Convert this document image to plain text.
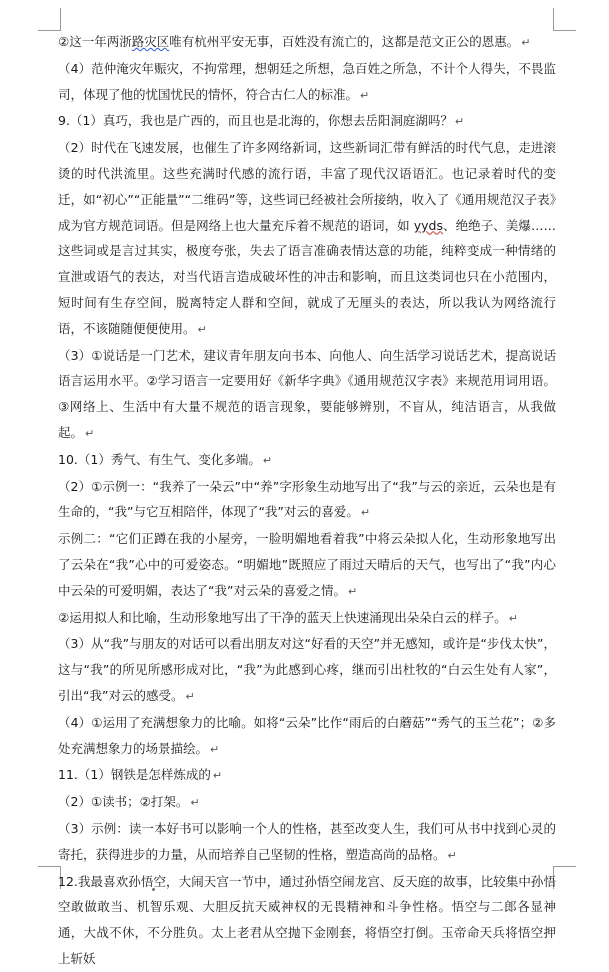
②这一年两浙路灾区唯有杭州平安无事，百姓没有流亡的，这都是范文正公的恩惠。 ↵

（4）范仲淹灾年赈灾，不拘常理，想朝廷之所想，急百姓之所急，不计个人得失，不畏监司，体现了他的忧国忧民的情怀，符合古仁人的标准。 ↵

9.（1）真巧，我也是广西的，而且也是北海的，你想去岳阳洞庭湖吗？ ↵

（2）时代在飞速发展，也催生了许多网络新词，这些新词汇带有鲜活的时代气息，走进滚烫的时代洪流里。这些充满时代感的流行语，丰富了现代汉语语汇。也记录着时代的变迁，如“初心”“正能量”“二维码”等，这些词已经被社会所接纳，收入了《通用规范汉子表》成为官方规范词语。但是网络上也大量充斥着不规范的语词，如 yyds、绝绝子、美爆……这些词或是言过其实，极度夸张，失去了语言准确表情达意的功能，纯粹变成一种情绪的宣泄或语气的表达，对当代语言造成破坏性的冲击和影响，而且这类词也只在小范围内，短时间有生存空间，脱离特定人群和空间，就成了无厘头的表达，所以我认为网络流行语，不该随随便便使用。 ↵

（3）①说话是一门艺术，建议青年朋友向书本、向他人、向生活学习说话艺术，提高说话语言运用水平。②学习语言一定要用好《新华字典》《通用规范汉字表》来规范用词用语。③网络上、生活中有大量不规范的语言现象，要能够辨别，不盲从，纯洁语言，从我做起。 ↵

10.（1）秀气、有生气、变化多端。 ↵

（2）①示例一：“我养了一朵云”中“养”字形象生动地写出了“我”与云的亲近，云朵也是有生命的，“我”与它互相陪伴，体现了“我”对云的喜爱。 ↵

示例二：“它们正蹲在我的小屋旁，一脸明媚地看着我”中将云朵拟人化，生动形象地写出了云朵在“我”心中的可爱姿态。“明媚地”既照应了雨过天晴后的天气，也写出了“我”内心中云朵的可爱明媚，表达了“我”对云朵的喜爱之情。 ↵

②运用拟人和比喻，生动形象地写出了干净的蓝天上快速涌现出朵朵白云的样子。 ↵

（3）从“我”与朋友的对话可以看出朋友对这“好看的天空”并无感知，或许是“步伐太快”，这与“我”的所见所感形成对比，“我”为此感到心疼，继而引出杜牧的“白云生处有人家”，引出“我”对云的感受。 ↵

（4）①运用了充满想象力的比喻。如将“云朵”比作“雨后的白蘑菇”“秀气的玉兰花”；②多处充满想象力的场景描绘。 ↵

11.（1）钢铁是怎样炼成的 ↵

（2）①读书；②打架。 ↵

（3）示例：读一本好书可以影响一个人的性格，甚至改变人生，我们可从书中找到心灵的寄托，获得进步的力量，从而培养自己坚韧的性格，塑造高尚的品格。 ↵

12.我最喜欢孙悟空，大闹天宫一节中，通过孙悟空闹龙宫、反天庭的故事，比较集中孙悟空敢做敢当、机智乐观、大胆反抗天威神权的无畏精神和斗争性格。悟空与二郎各显神通，大战不休，不分胜负。太上老君从空抛下金刚套，将悟空打倒。玉帝命天兵将悟空押上斩妖
